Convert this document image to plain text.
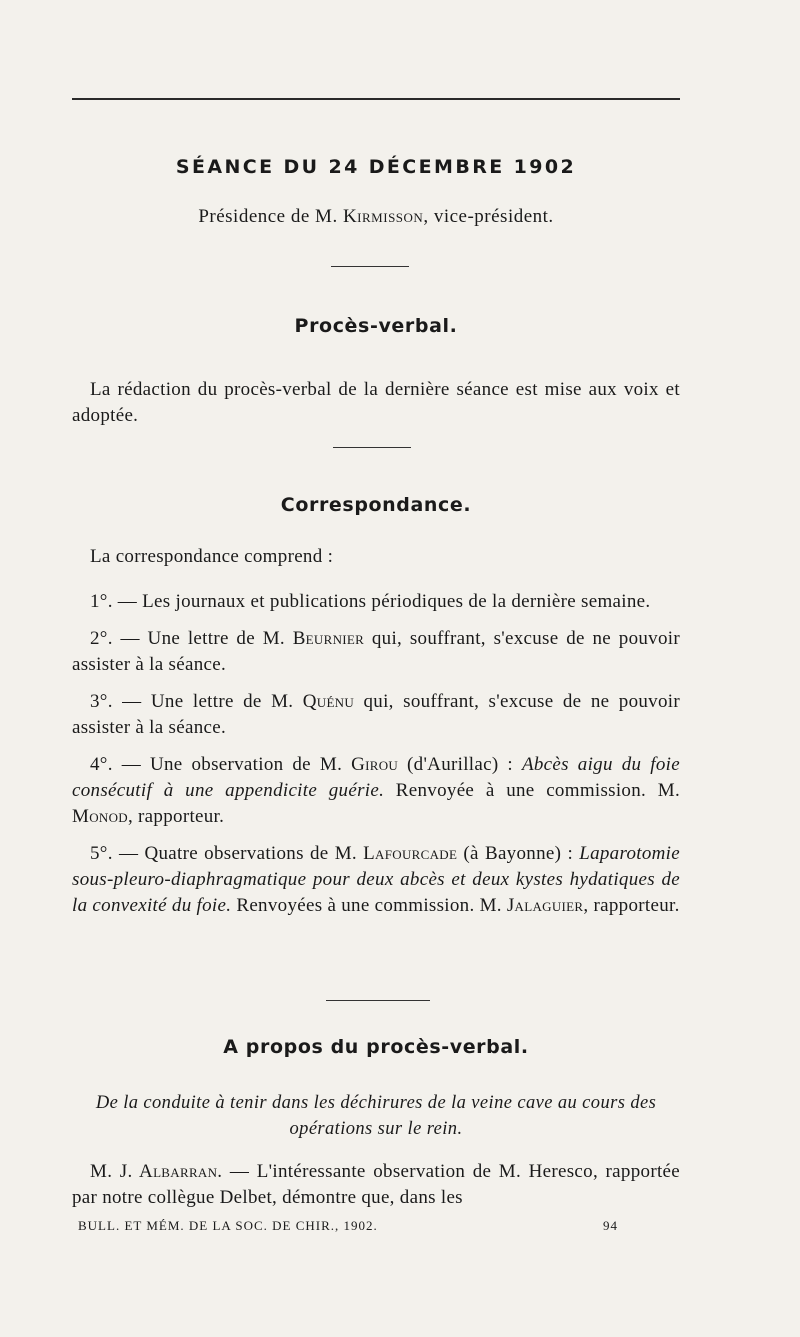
SÉANCE DU 24 DÉCEMBRE 1902
Présidence de M. Kirmisson, vice-président.
Procès-verbal.

La rédaction du procès-verbal de la dernière séance est mise aux voix et adoptée.

Correspondance.

La correspondance comprend :

1°. — Les journaux et publications périodiques de la dernière semaine.

2°. — Une lettre de M. Beurnier qui, souffrant, s'excuse de ne pouvoir assister à la séance.

3°. — Une lettre de M. Quénu qui, souffrant, s'excuse de ne pouvoir assister à la séance.

4°. — Une observation de M. Girou (d'Aurillac) : Abcès aigu du foie consécutif à une appendicite guérie. Renvoyée à une commission. M. Monod, rapporteur.

5°. — Quatre observations de M. Lafourcade (à Bayonne) : Laparotomie sous-pleuro-diaphragmatique pour deux abcès et deux kystes hydatiques de la convexité du foie. Renvoyées à une commission. M. Jalaguier, rapporteur.

A propos du procès-verbal.
De la conduite à tenir dans les déchirures de la veine cave au cours des opérations sur le rein.

M. J. Albarran. — L'intéressante observation de M. Heresco, rapportée par notre collègue Delbet, démontre que, dans les

BULL. ET MÉM. DE LA SOC. DE CHIR., 1902.	94
